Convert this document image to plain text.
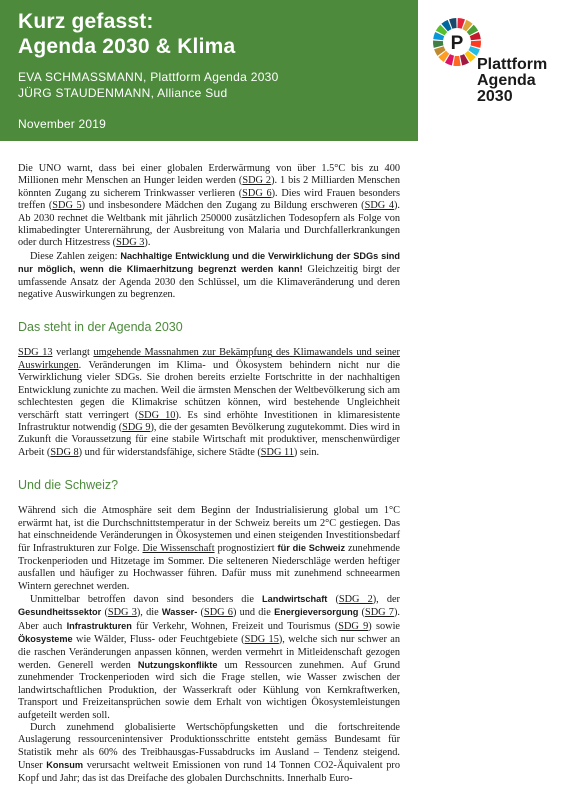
Kurz gefasst:
Agenda 2030 & Klima
EVA SCHMASSMANN, Plattform Agenda 2030
JÜRG STAUDENMANN, Alliance Sud
November 2019
P
Plattform
Agenda
2030

Die UNO warnt, dass bei einer globalen Erderwärmung von über 1.5°C bis zu 400 Millionen mehr Menschen an Hunger leiden werden (SDG 2). 1 bis 2 Milliarden Menschen könnten Zugang zu sicherem Trinkwasser verlieren (SDG 6). Dies wird Frauen besonders treffen (SDG 5) und insbesondere Mädchen den Zugang zu Bildung erschweren (SDG 4). Ab 2030 rechnet die Weltbank mit jährlich 250000 zusätzlichen Todesopfern als Folge von klimabedingter Unterernährung, der Ausbreitung von Malaria und Durchfallerkrankungen oder durch Hitzestress (SDG 3).

Diese Zahlen zeigen: Nachhaltige Entwicklung und die Verwirklichung der SDGs sind nur möglich, wenn die Klimaerhitzung begrenzt werden kann! Gleichzeitig birgt der umfassende Ansatz der Agenda 2030 den Schlüssel, um die Klimaveränderung und deren negative Auswirkungen zu begrenzen.

Das steht in der Agenda 2030

SDG 13 verlangt umgehende Massnahmen zur Bekämpfung des Klimawandels und seiner Auswirkungen. Veränderungen im Klima- und Ökosystem behindern nicht nur die Verwirklichung vieler SDGs. Sie drohen bereits erzielte Fortschritte in der nachhaltigen Entwicklung zunichte zu machen. Weil die ärmsten Menschen der Weltbevölkerung sich am schlechtesten gegen die Klimakrise schützen können, wird bestehende Ungleichheit verschärft statt verringert (SDG 10). Es sind erhöhte Investitionen in klimaresistente Infrastruktur notwendig (SDG 9), die der gesamten Bevölkerung zugutekommt. Dies wird in Zukunft die Voraussetzung für eine stabile Wirtschaft mit produktiver, menschenwürdiger Arbeit (SDG 8) und für widerstandsfähige, sichere Städte (SDG 11) sein.

Und die Schweiz?

Während sich die Atmosphäre seit dem Beginn der Industrialisierung global um 1°C erwärmt hat, ist die Durchschnittstemperatur in der Schweiz bereits um 2°C gestiegen. Das hat einschneidende Veränderungen in Ökosystemen und einen steigenden Investitionsbedarf für Infrastrukturen zur Folge. Die Wissenschaft prognostiziert für die Schweiz zunehmende Trockenperioden und Hitzetage im Sommer. Die selteneren Niederschläge werden heftiger ausfallen und häufiger zu Hochwasser führen. Dafür muss mit zunehmend schneearmen Wintern gerechnet werden.

Unmittelbar betroffen davon sind besonders die Landwirtschaft (SDG 2), der Gesundheitssektor (SDG 3), die Wasser- (SDG 6) und die Energieversorgung (SDG 7). Aber auch Infrastrukturen für Verkehr, Wohnen, Freizeit und Tourismus (SDG 9) sowie Ökosysteme wie Wälder, Fluss- oder Feuchtgebiete (SDG 15), welche sich nur schwer an die raschen Veränderungen anpassen können, werden vermehrt in Mitleidenschaft gezogen werden. Generell werden Nutzungskonflikte um Ressourcen zunehmen. Auf Grund zunehmender Trockenperioden wird sich die Frage stellen, wie Wasser zwischen der landwirtschaftlichen Produktion, der Wasserkraft oder Kühlung von Kernkraftwerken, Transport und Freizeitansprüchen sowie dem Erhalt von wichtigen Ökosystemleistungen aufgeteilt werden soll.

Durch zunehmend globalisierte Wertschöpfungsketten und die fortschreitende Auslagerung ressourcenintensiver Produktionsschritte entsteht gemäss Bundesamt für Statistik mehr als 60% des Treibhausgas-Fussabdrucks im Ausland – Tendenz steigend. Unser Konsum verursacht weltweit Emissionen von rund 14 Tonnen CO2-Äquivalent pro Kopf und Jahr; das ist das Dreifache des globalen Durchschnitts. Innerhalb Euro-
